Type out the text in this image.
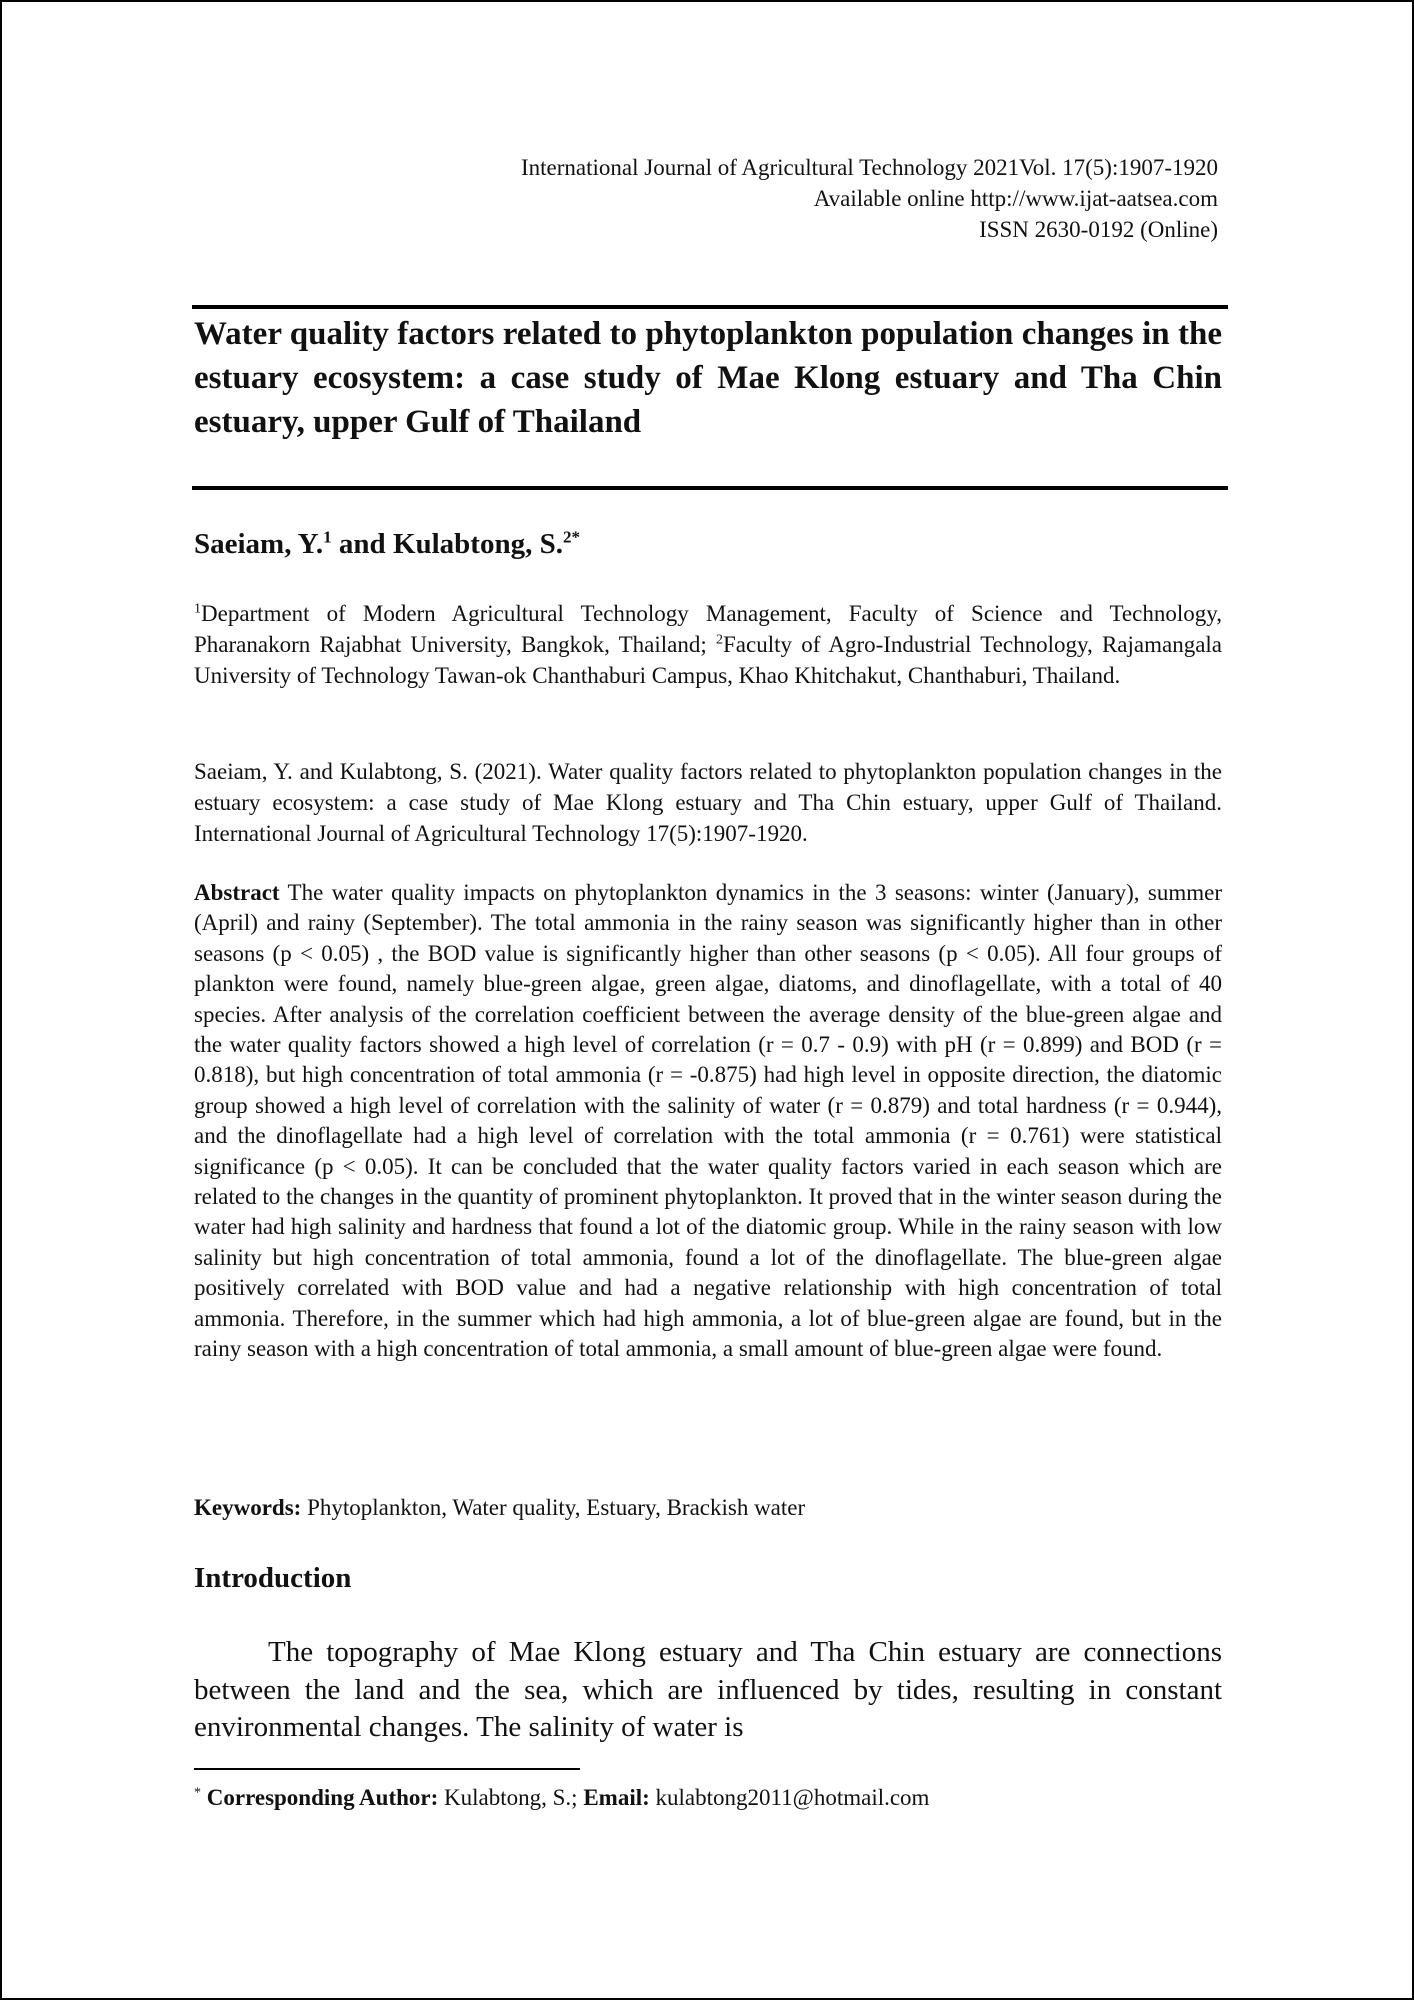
International Journal of Agricultural Technology 2021Vol. 17(5):1907-1920
Available online http://www.ijat-aatsea.com
ISSN 2630-0192 (Online)
Water quality factors related to phytoplankton population changes in the estuary ecosystem: a case study of Mae Klong estuary and Tha Chin estuary, upper Gulf of Thailand
Saeiam, Y.$^1$ and Kulabtong, S.$^{2*}$
$^1$Department of Modern Agricultural Technology Management, Faculty of Science and Technology, Pharanakorn Rajabhat University, Bangkok, Thailand; $^2$Faculty of Agro-Industrial Technology, Rajamangala University of Technology Tawan-ok Chanthaburi Campus, Khao Khitchakut, Chanthaburi, Thailand.
Saeiam, Y. and Kulabtong, S. (2021). Water quality factors related to phytoplankton population changes in the estuary ecosystem: a case study of Mae Klong estuary and Tha Chin estuary, upper Gulf of Thailand. International Journal of Agricultural Technology 17(5):1907-1920.
Abstract The water quality impacts on phytoplankton dynamics in the 3 seasons: winter (January), summer (April) and rainy (September). The total ammonia in the rainy season was significantly higher than in other seasons (p < 0.05) , the BOD value is significantly higher than other seasons (p < 0.05). All four groups of plankton were found, namely blue-green algae, green algae, diatoms, and dinoflagellate, with a total of 40 species. After analysis of the correlation coefficient between the average density of the blue-green algae and the water quality factors showed a high level of correlation (r = 0.7 - 0.9) with pH (r = 0.899) and BOD (r = 0.818), but high concentration of total ammonia (r = -0.875) had high level in opposite direction, the diatomic group showed a high level of correlation with the salinity of water (r = 0.879) and total hardness (r = 0.944), and the dinoflagellate had a high level of correlation with the total ammonia (r = 0.761) were statistical significance (p < 0.05). It can be concluded that the water quality factors varied in each season which are related to the changes in the quantity of prominent phytoplankton. It proved that in the winter season during the water had high salinity and hardness that found a lot of the diatomic group. While in the rainy season with low salinity but high concentration of total ammonia, found a lot of the dinoflagellate. The blue-green algae positively correlated with BOD value and had a negative relationship with high concentration of total ammonia. Therefore, in the summer which had high ammonia, a lot of blue-green algae are found, but in the rainy season with a high concentration of total ammonia, a small amount of blue-green algae were found.
Keywords: Phytoplankton, Water quality, Estuary, Brackish water
Introduction
The topography of Mae Klong estuary and Tha Chin estuary are connections between the land and the sea, which are influenced by tides, resulting in constant environmental changes. The salinity of water is
* Corresponding Author: Kulabtong, S.; Email: kulabtong2011@hotmail.com
